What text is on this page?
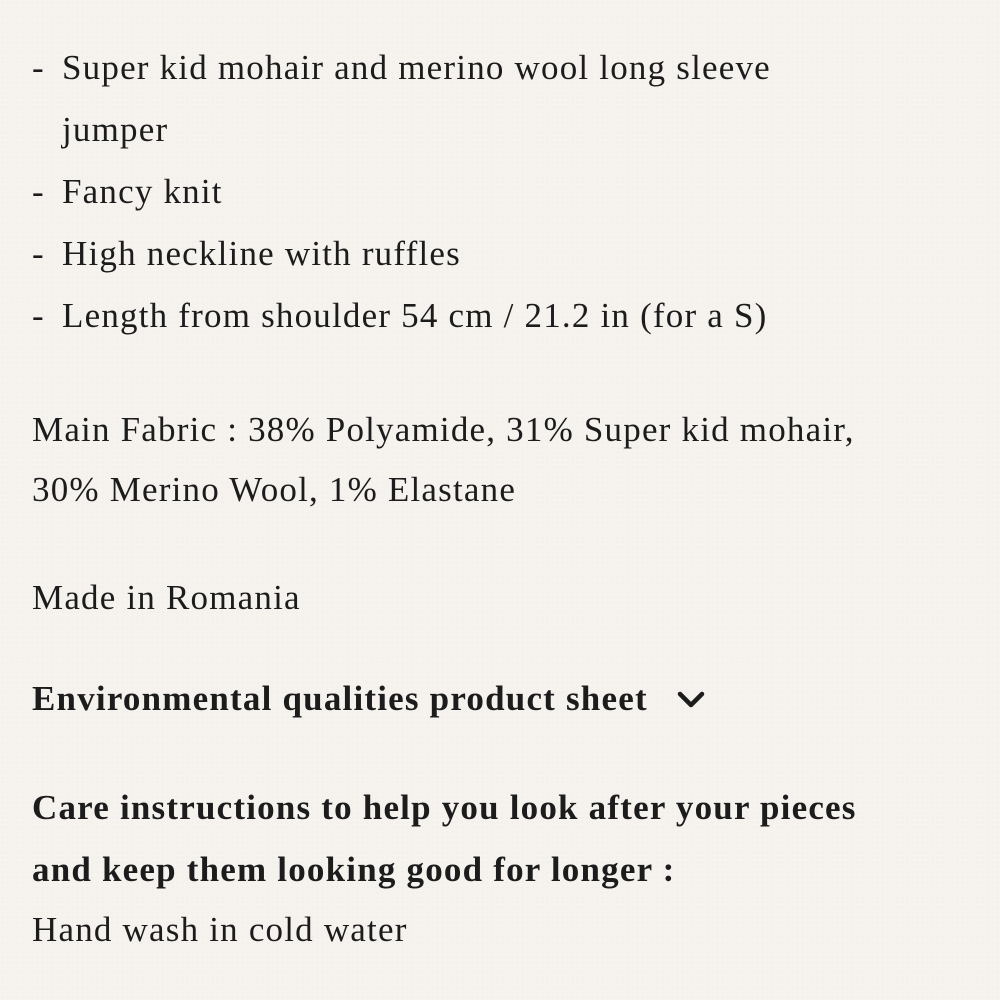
- Super kid mohair and merino wool long sleeve
jumper
- Fancy knit
- High neckline with ruffles
- Length from shoulder 54 cm / 21.2 in (for a S)
Main Fabric : 38% Polyamide, 31% Super kid mohair,
30% Merino Wool, 1% Elastane
Made in Romania
Environmental qualities product sheet
Care instructions to help you look after your pieces
and keep them looking good for longer :
Hand wash in cold water
